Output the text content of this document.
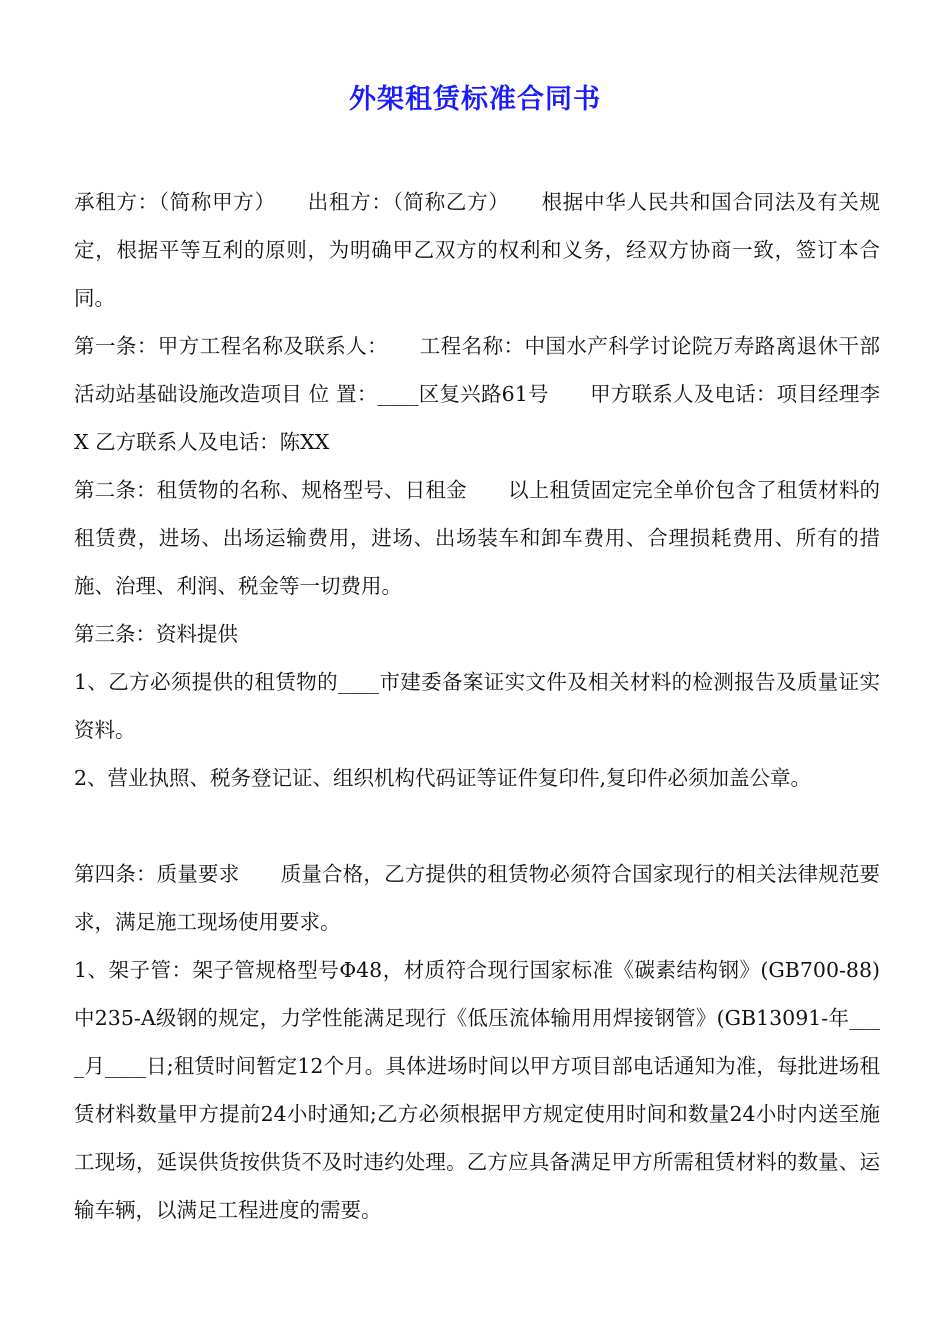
外架租赁标准合同书

承租方：（简称甲方）　　出租方：（简称乙方）　　根据中华人民共和国合同法及有关规定，根据平等互利的原则，为明确甲乙双方的权利和义务，经双方协商一致，签订本合同。

第一条：甲方工程名称及联系人：　　工程名称：中国水产科学讨论院万寿路离退休干部活动站基础设施改造项目 位 置：____区复兴路61号　　甲方联系人及电话：项目经理李X 乙方联系人及电话：陈XX

第二条：租赁物的名称、规格型号、日租金　　以上租赁固定完全单价包含了租赁材料的租赁费，进场、出场运输费用，进场、出场装车和卸车费用、合理损耗费用、所有的措施、治理、利润、税金等一切费用。

第三条：资料提供

1、乙方必须提供的租赁物的____市建委备案证实文件及相关材料的检测报告及质量证实资料。

2、营业执照、税务登记证、组织机构代码证等证件复印件,复印件必须加盖公章。

第四条：质量要求　　质量合格，乙方提供的租赁物必须符合国家现行的相关法律规范要求，满足施工现场使用要求。

1、架子管：架子管规格型号Φ48，材质符合现行国家标准《碳素结构钢》(GB700-88)中235-A级钢的规定，力学性能满足现行《低压流体输用用焊接钢管》(GB13091-年____月____日;租赁时间暂定12个月。具体进场时间以甲方项目部电话通知为准，每批进场租赁材料数量甲方提前24小时通知;乙方必须根据甲方规定使用时间和数量24小时内送至施工现场，延误供货按供货不及时违约处理。乙方应具备满足甲方所需租赁材料的数量、运输车辆，以满足工程进度的需要。
